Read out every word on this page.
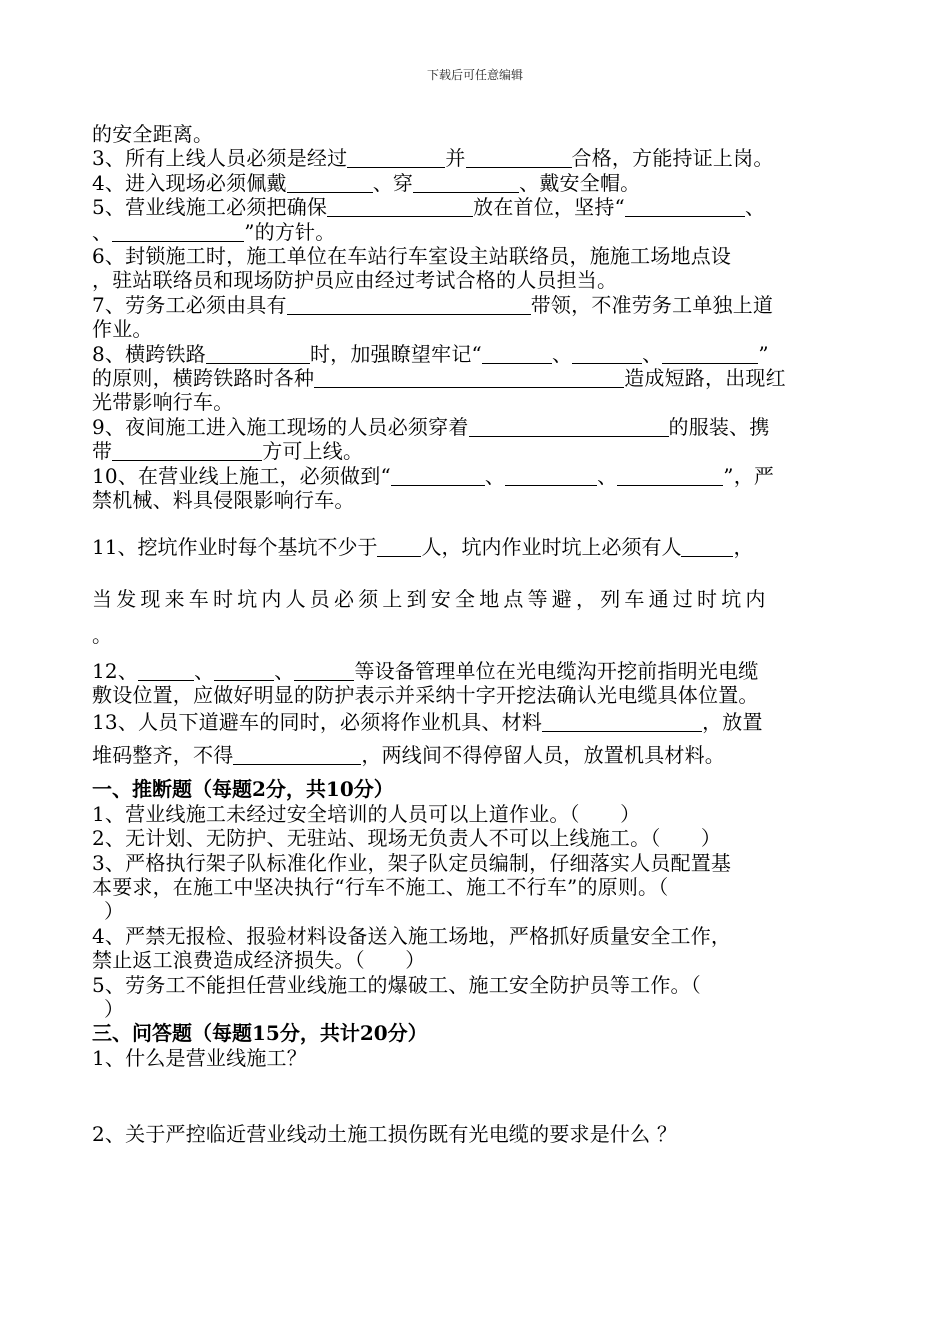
下载后可任意编辑
的安全距离。
3、所有上线人员必须是经过	并	合格，方能持证上岗。
4、进入现场必须佩戴	、穿	、戴安全帽。
5、营业线施工必须把确保	放在首位，坚持“	、
、	”的方针。
6、封锁施工时，施工单位在车站行车室设主站联络员，施施工场地点设
，驻站联络员和现场防护员应由经过考试合格的人员担当。
7、劳务工必须由具有	带领，不准劳务工单独上道
作业。
8、横跨铁路	时，加强瞭望牢记“	、	、	”
的原则，横跨铁路时各种	造成短路，出现红
光带影响行车。
9、夜间施工进入施工现场的人员必须穿着	的服装、携
带	方可上线。
10、在营业线上施工，必须做到“	、	、	”，严
禁机械、料具侵限影响行车。
11、挖坑作业时每个基坑不少于 人，坑内作业时坑上必须有人	，
当发现来车时坑内人员必须上到安全地点等避，列车通过时坑内
。
12、	、	、	等设备管理单位在光电缆沟开挖前指明光电缆
敷设位置，应做好明显的防护表示并采纳十字开挖法确认光电缆具体位置。
13、人员下道避车的同时，必须将作业机具、材料	，放置
堆码整齐，不得	，两线间不得停留人员，放置机具材料。
一、推断题（每题2分，共10分）
1、营业线施工未经过安全培训的人员可以上道作业。（　　）
2、无计划、无防护、无驻站、现场无负责人不可以上线施工。（　　）
3、严格执行架子队标准化作业，架子队定员编制，仔细落实人员配置基
本要求，在施工中坚决执行“行车不施工、施工不行车”的原则。（
）
4、严禁无报检、报验材料设备送入施工场地，严格抓好质量安全工作，
禁止返工浪费造成经济损失。（　　）
5、劳务工不能担任营业线施工的爆破工、施工安全防护员等工作。（
）
三、问答题（每题15分，共计20分）
1、什么是营业线施工？
2、关于严控临近营业线动土施工损伤既有光电缆的要求是什么 ？
